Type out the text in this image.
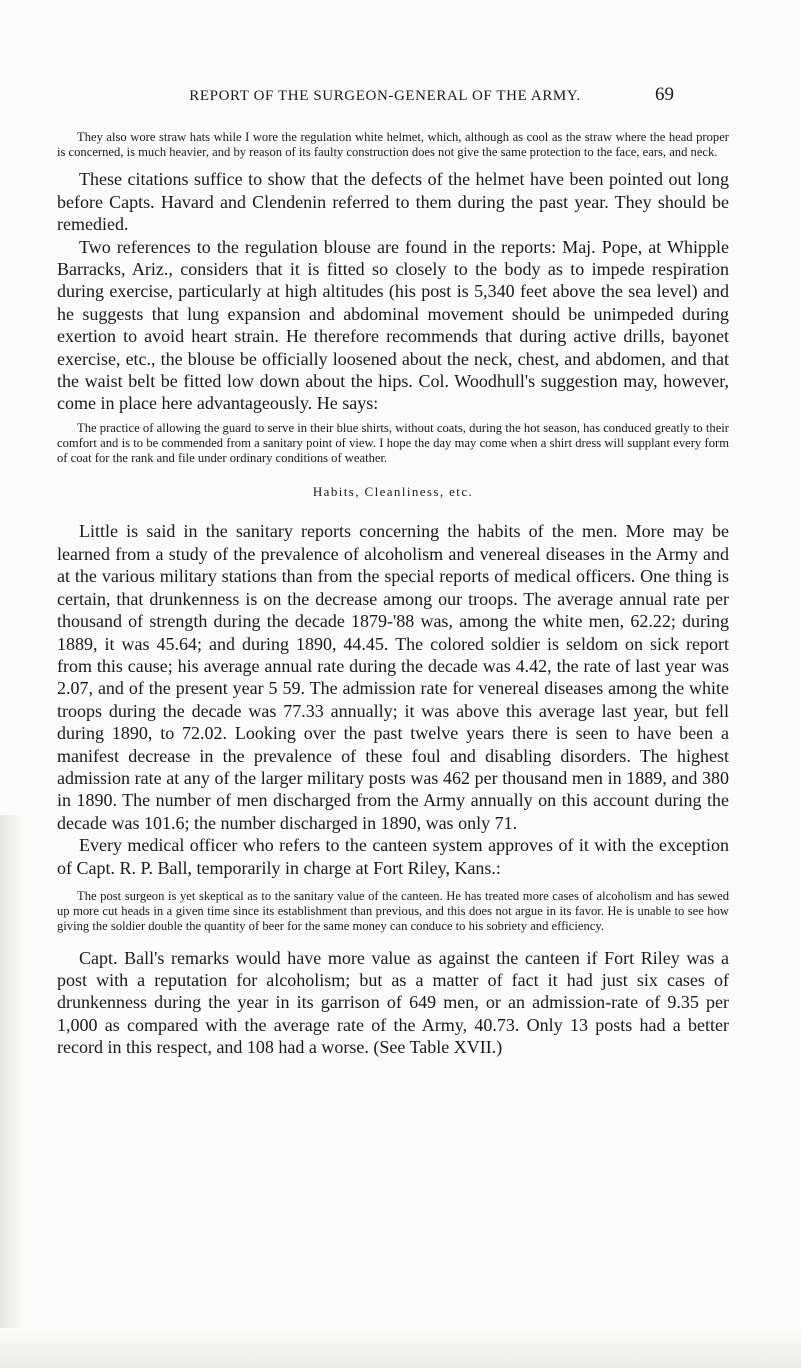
REPORT OF THE SURGEON-GENERAL OF THE ARMY.	69

They also wore straw hats while I wore the regulation white helmet, which, although as cool as the straw where the head proper is concerned, is much heavier, and by reason of its faulty construction does not give the same protection to the face, ears, and neck.

These citations suffice to show that the defects of the helmet have been pointed out long before Capts. Havard and Clendenin referred to them during the past year. They should be remedied.

Two references to the regulation blouse are found in the reports: Maj. Pope, at Whipple Barracks, Ariz., considers that it is fitted so closely to the body as to impede respiration during exercise, particularly at high altitudes (his post is 5,340 feet above the sea level) and he suggests that lung expansion and abdominal movement should be unimpeded during exertion to avoid heart strain. He therefore recommends that during active drills, bayonet exercise, etc., the blouse be officially loosened about the neck, chest, and abdomen, and that the waist belt be fitted low down about the hips. Col. Woodhull's suggestion may, however, come in place here advantageously. He says:

The practice of allowing the guard to serve in their blue shirts, without coats, during the hot season, has conduced greatly to their comfort and is to be commended from a sanitary point of view. I hope the day may come when a shirt dress will supplant every form of coat for the rank and file under ordinary conditions of weather.

Habits, Cleanliness, etc.

Little is said in the sanitary reports concerning the habits of the men. More may be learned from a study of the prevalence of alcoholism and venereal diseases in the Army and at the various military stations than from the special reports of medical officers. One thing is certain, that drunkenness is on the decrease among our troops. The average annual rate per thousand of strength during the decade 1879-'88 was, among the white men, 62.22; during 1889, it was 45.64; and during 1890, 44.45. The colored soldier is seldom on sick report from this cause; his average annual rate during the decade was 4.42, the rate of last year was 2.07, and of the present year 5 59. The admission rate for venereal diseases among the white troops during the decade was 77.33 annually; it was above this average last year, but fell during 1890, to 72.02. Looking over the past twelve years there is seen to have been a manifest decrease in the prevalence of these foul and disabling disorders. The highest admission rate at any of the larger military posts was 462 per thousand men in 1889, and 380 in 1890. The number of men discharged from the Army annually on this account during the decade was 101.6; the number discharged in 1890, was only 71.

Every medical officer who refers to the canteen system approves of it with the exception of Capt. R. P. Ball, temporarily in charge at Fort Riley, Kans.:

The post surgeon is yet skeptical as to the sanitary value of the canteen. He has treated more cases of alcoholism and has sewed up more cut heads in a given time since its establishment than previous, and this does not argue in its favor. He is unable to see how giving the soldier double the quantity of beer for the same money can conduce to his sobriety and efficiency.

Capt. Ball's remarks would have more value as against the canteen if Fort Riley was a post with a reputation for alcoholism; but as a matter of fact it had just six cases of drunkenness during the year in its garrison of 649 men, or an admission-rate of 9.35 per 1,000 as compared with the average rate of the Army, 40.73. Only 13 posts had a better record in this respect, and 108 had a worse. (See Table XVII.)
